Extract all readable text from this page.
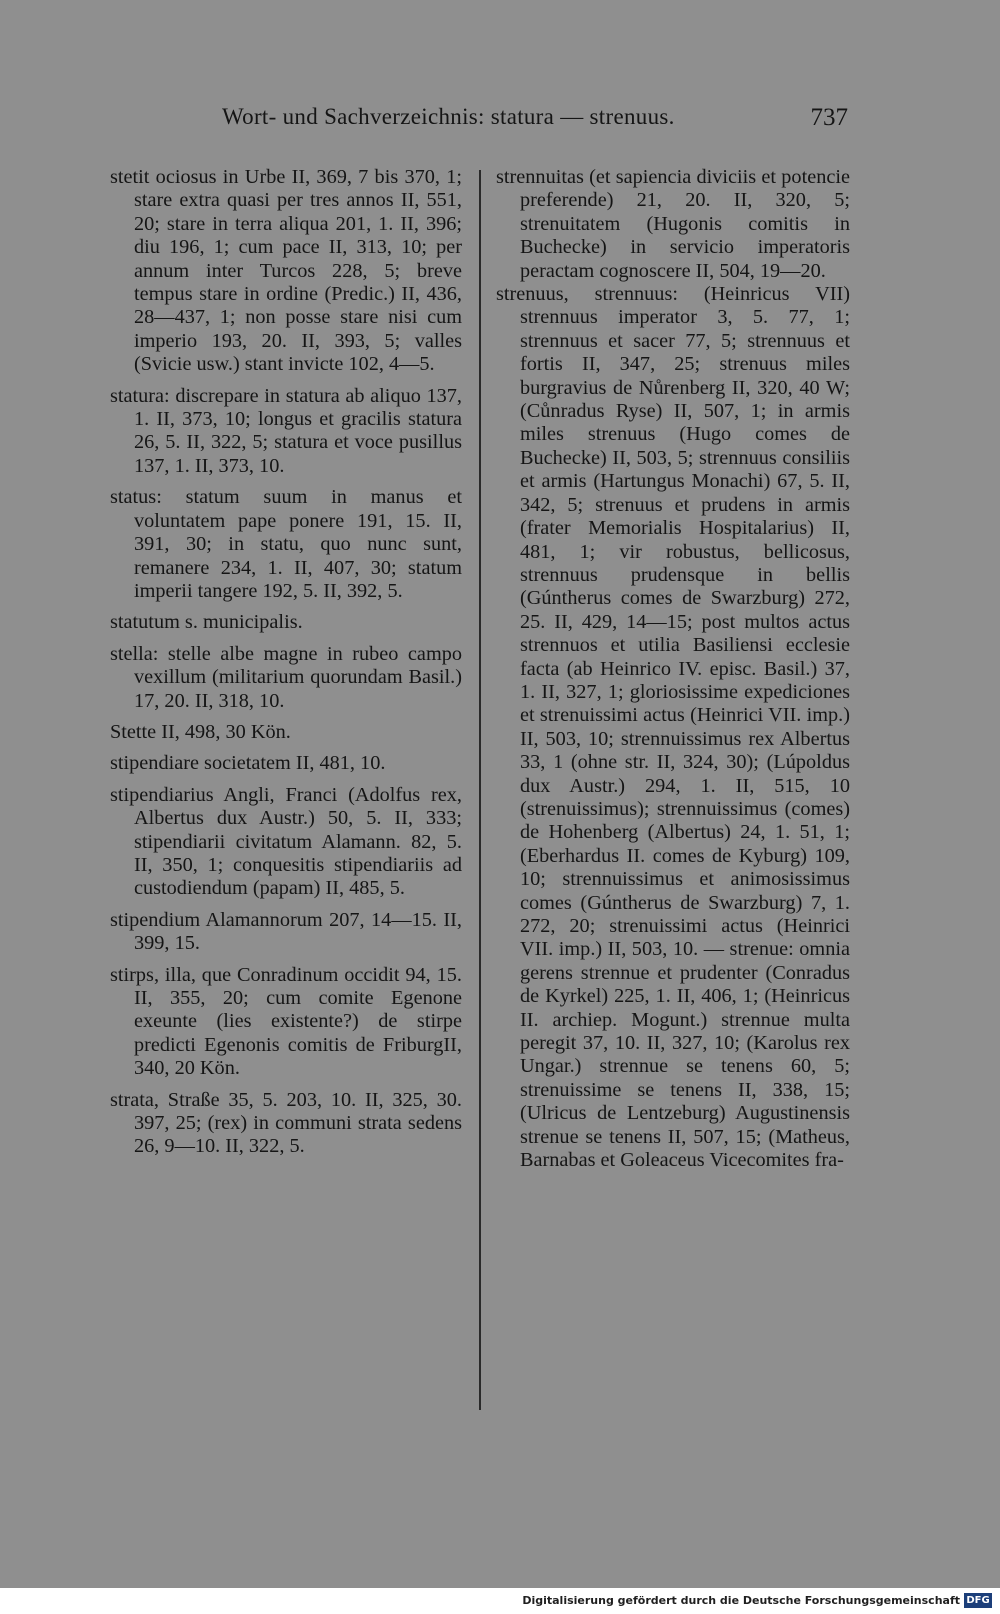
Wort- und Sachverzeichnis: statura — strenuus.	737

stetit ociosus in Urbe II, 369, 7 bis 370, 1; stare extra quasi per tres annos II, 551, 20; stare in terra aliqua 201, 1. II, 396; diu 196, 1; cum pace II, 313, 10; per annum inter Turcos 228, 5; breve tempus stare in ordine (Predic.) II, 436, 28—437, 1; non posse stare nisi cum imperio 193, 20. II, 393, 5; valles (Svicie usw.) stant invicte 102, 4—5.

statura: discrepare in statura ab aliquo 137, 1. II, 373, 10; longus et gracilis statura 26, 5. II, 322, 5; statura et voce pusillus 137, 1. II, 373, 10.

status: statum suum in manus et voluntatem pape ponere 191, 15. II, 391, 30; in statu, quo nunc sunt, remanere 234, 1. II, 407, 30; statum imperii tangere 192, 5. II, 392, 5.

statutum s. municipalis.

stella: stelle albe magne in rubeo campo vexillum (militarium quorundam Basil.) 17, 20. II, 318, 10.

Stette II, 498, 30 Kön.

stipendiare societatem II, 481, 10.

stipendiarius Angli, Franci (Adolfus rex, Albertus dux Austr.) 50, 5. II, 333; stipendiarii civitatum Alamann. 82, 5. II, 350, 1; conquesitis stipendiariis ad custodiendum (papam) II, 485, 5.

stipendium Alamannorum 207, 14—15. II, 399, 15.

stirps, illa, que Conradinum occidit 94, 15. II, 355, 20; cum comite Egenone exeunte (lies existente?) de stirpe predicti Egenonis comitis de FriburgII, 340, 20 Kön.

strata, Straße 35, 5. 203, 10. II, 325, 30. 397, 25; (rex) in communi strata sedens 26, 9—10. II, 322, 5.

strennuitas (et sapiencia diviciis et potencie preferende) 21, 20. II, 320, 5; strenuitatem (Hugonis comitis in Buchecke) in servicio imperatoris peractam cognoscere II, 504, 19—20.

strenuus, strennuus: (Heinricus VII) strennuus imperator 3, 5. 77, 1; strennuus et sacer 77, 5; strennuus et fortis II, 347, 25; strenuus miles burgravius de Nůrenberg II, 320, 40 W; (Cůnradus Ryse) II, 507, 1; in armis miles strenuus (Hugo comes de Buchecke) II, 503, 5; strennuus consiliis et armis (Hartungus Monachi) 67, 5. II, 342, 5; strenuus et prudens in armis (frater Memorialis Hospitalarius) II, 481, 1; vir robustus, bellicosus, strennuus prudensque in bellis (Gúntherus comes de Swarzburg) 272, 25. II, 429, 14—15; post multos actus strennuos et utilia Basiliensi ecclesie facta (ab Heinrico IV. episc. Basil.) 37, 1. II, 327, 1; gloriosissime expediciones et strenuissimi actus (Heinrici VII. imp.) II, 503, 10; strennuissimus rex Albertus 33, 1 (ohne str. II, 324, 30); (Lúpoldus dux Austr.) 294, 1. II, 515, 10 (strenuissimus); strennuissimus (comes) de Hohenberg (Albertus) 24, 1. 51, 1; (Eberhardus II. comes de Kyburg) 109, 10; strennuissimus et animosissimus comes (Gúntherus de Swarzburg) 7, 1. 272, 20; strenuissimi actus (Heinrici VII. imp.) II, 503, 10. — strenue: omnia gerens strennue et prudenter (Conradus de Kyrkel) 225, 1. II, 406, 1; (Heinricus II. archiep. Mogunt.) strennue multa peregit 37, 10. II, 327, 10; (Karolus rex Ungar.) strennue se tenens 60, 5; strenuissime se tenens II, 338, 15; (Ulricus de Lentzeburg) Augustinensis strenue se tenens II, 507, 15; (Matheus, Barnabas et Goleaceus Vicecomites fra-

Digitalisierung gefördert durch die Deutsche Forschungsgemeinschaft DFG
